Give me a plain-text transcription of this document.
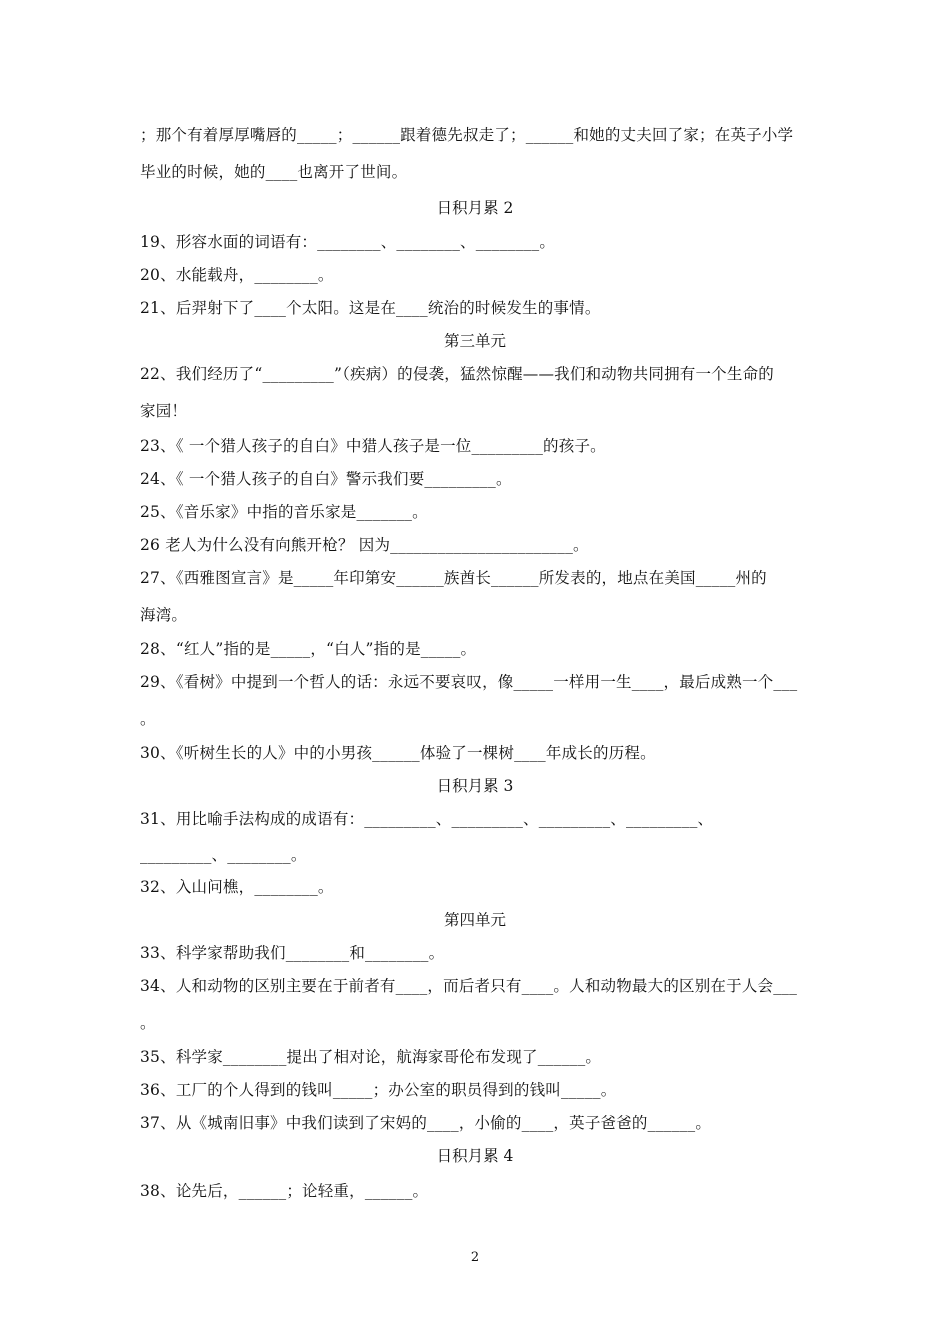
；那个有着厚厚嘴唇的_____；______跟着德先叔走了；______和她的丈夫回了家；在英子小学
毕业的时候，她的____也离开了世间。
日积月累 2
19、形容水面的词语有：________、________、________。
20、水能载舟，________。
21、后羿射下了____个太阳。这是在____统治的时候发生的事情。
第三单元
22、我们经历了“_________”（疾病）的侵袭，猛然惊醒——我们和动物共同拥有一个生命的
家园！
23、《 一个猎人孩子的自白》中猎人孩子是一位_________的孩子。
24、《 一个猎人孩子的自白》警示我们要_________。
25、《音乐家》中指的音乐家是_______。
26 老人为什么没有向熊开枪？ 因为_______________________。
27、《西雅图宣言》是_____年印第安______族酋长______所发表的，地点在美国_____州的
海湾。
28、“红人”指的是_____，“白人”指的是_____。
29、《看树》中提到一个哲人的话：永远不要哀叹，像_____一样用一生____，最后成熟一个___
。
30、《听树生长的人》中的小男孩______体验了一棵树____年成长的历程。
日积月累 3
31、用比喻手法构成的成语有：_________、_________、_________、_________、
_________、________。
32、入山问樵，________。
第四单元
33、科学家帮助我们________和________。
34、人和动物的区别主要在于前者有____，而后者只有____。人和动物最大的区别在于人会___
。
35、科学家________提出了相对论，航海家哥伦布发现了______。
36、工厂的个人得到的钱叫_____；办公室的职员得到的钱叫_____。
37、从《城南旧事》中我们读到了宋妈的____，小偷的____，英子爸爸的______。
日积月累 4
38、论先后，______；论轻重，______。
2
